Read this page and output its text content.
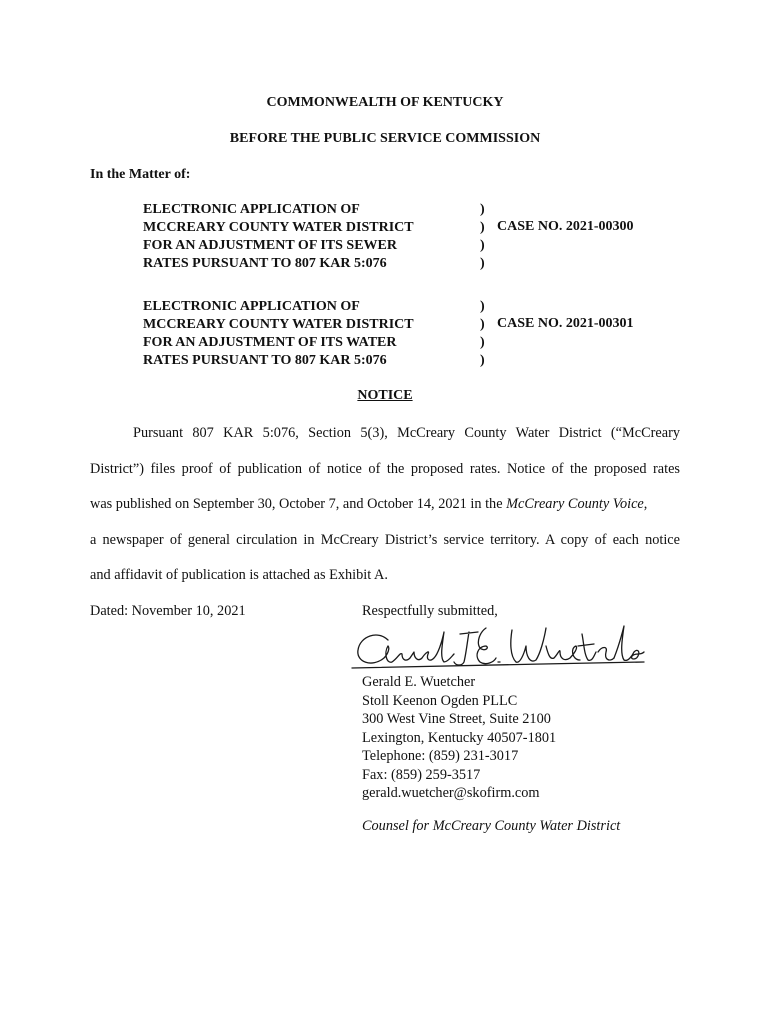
COMMONWEALTH OF KENTUCKY
BEFORE THE PUBLIC SERVICE COMMISSION
In the Matter of:
ELECTRONIC APPLICATION OF
MCCREARY COUNTY WATER DISTRICT
FOR AN ADJUSTMENT OF ITS SEWER
RATES PURSUANT TO 807 KAR 5:076
)
)
)
)
CASE NO. 2021-00300
ELECTRONIC APPLICATION OF
MCCREARY COUNTY WATER DISTRICT
FOR AN ADJUSTMENT OF ITS WATER
RATES PURSUANT TO 807 KAR 5:076
)
)
)
)
CASE NO. 2021-00301
NOTICE
Pursuant 807 KAR 5:076, Section 5(3), McCreary County Water District (“McCreary
District”) files proof of publication of notice of the proposed rates. Notice of the proposed rates
was published on September 30, October 7, and October 14, 2021 in the McCreary County Voice,
a newspaper of general circulation in McCreary District’s service territory. A copy of each notice
and affidavit of publication is attached as Exhibit A.
Dated: November 10, 2021	Respectfully submitted,
Gerald E. Wuetcher
Stoll Keenon Ogden PLLC
300 West Vine Street, Suite 2100
Lexington, Kentucky 40507-1801
Telephone: (859) 231-3017
Fax: (859) 259-3517
gerald.wuetcher@skofirm.com
Counsel for McCreary County Water District
